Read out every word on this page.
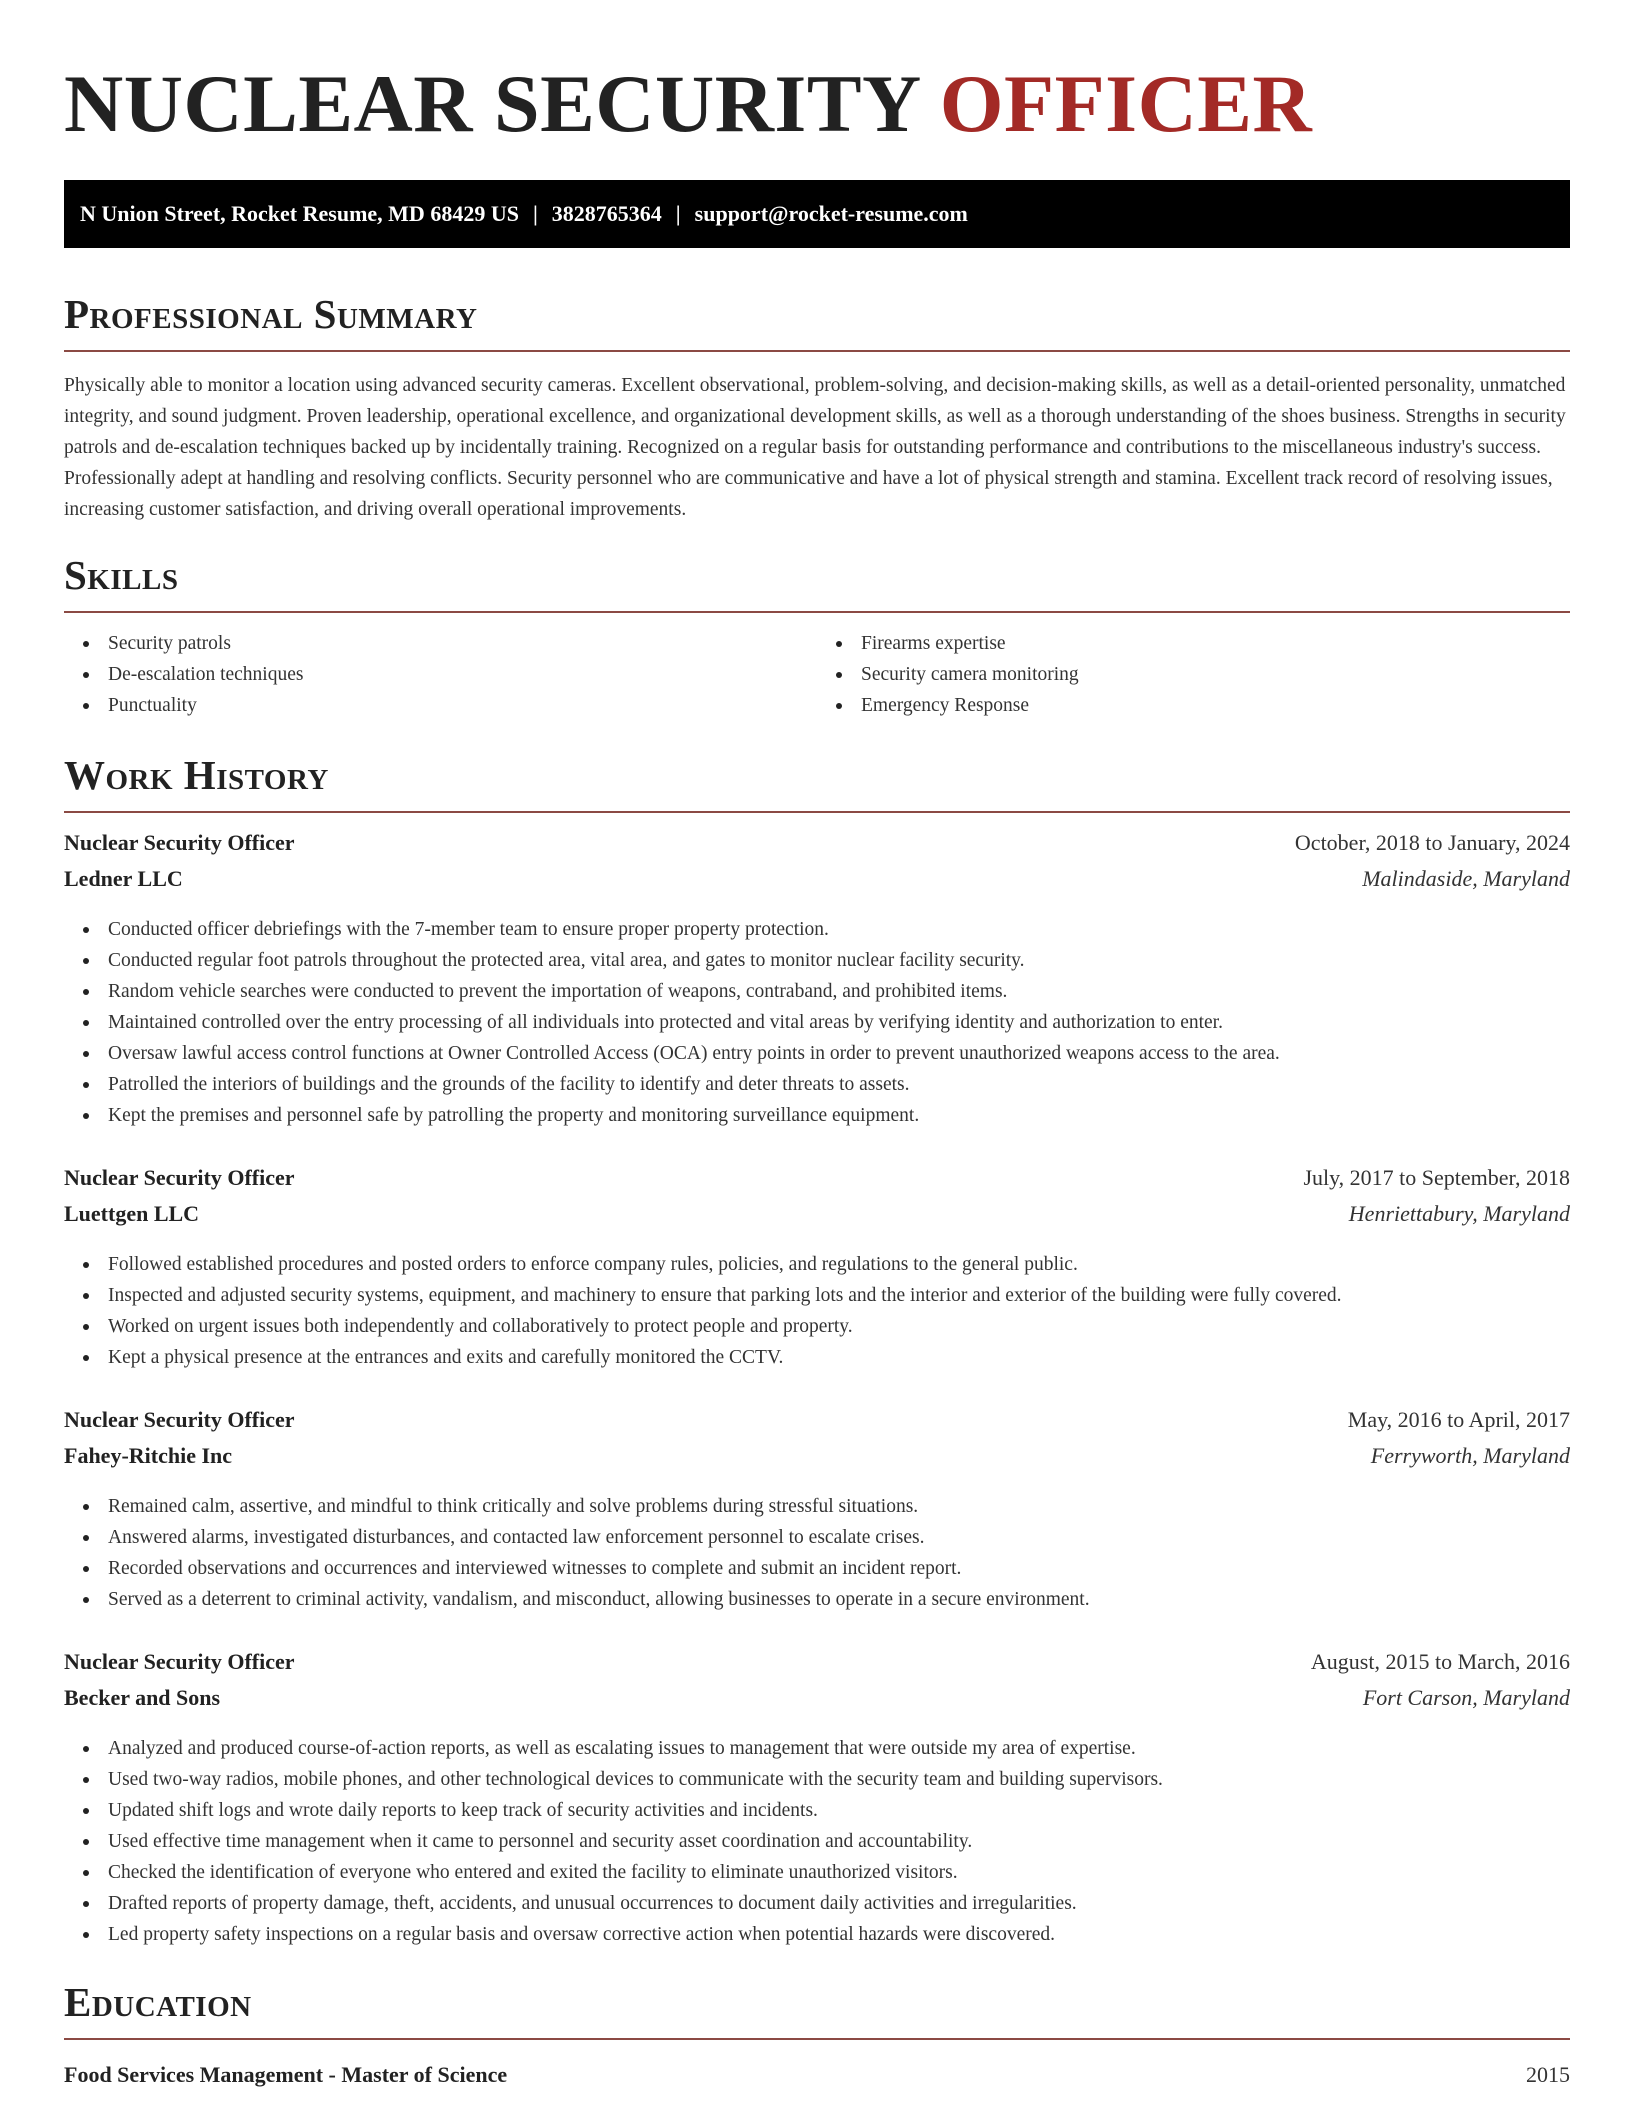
NUCLEAR SECURITY OFFICER
N Union Street, Rocket Resume, MD 68429 US | 3828765364 | support@rocket-resume.com
Professional Summary

Physically able to monitor a location using advanced security cameras. Excellent observational, problem-solving, and decision-making skills, as well as a detail-oriented personality, unmatched integrity, and sound judgment. Proven leadership, operational excellence, and organizational development skills, as well as a thorough understanding of the shoes business. Strengths in security patrols and de-escalation techniques backed up by incidentally training. Recognized on a regular basis for outstanding performance and contributions to the miscellaneous industry's success. Professionally adept at handling and resolving conflicts. Security personnel who are communicative and have a lot of physical strength and stamina. Excellent track record of resolving issues, increasing customer satisfaction, and driving overall operational improvements.

Skills
Security patrols
De-escalation techniques
Punctuality
Firearms expertise
Security camera monitoring
Emergency Response
Work History
Nuclear Security Officer	October, 2018 to January, 2024
Ledner LLC	Malindaside, Maryland
Conducted officer debriefings with the 7-member team to ensure proper property protection.
Conducted regular foot patrols throughout the protected area, vital area, and gates to monitor nuclear facility security.
Random vehicle searches were conducted to prevent the importation of weapons, contraband, and prohibited items.
Maintained controlled over the entry processing of all individuals into protected and vital areas by verifying identity and authorization to enter.
Oversaw lawful access control functions at Owner Controlled Access (OCA) entry points in order to prevent unauthorized weapons access to the area.
Patrolled the interiors of buildings and the grounds of the facility to identify and deter threats to assets.
Kept the premises and personnel safe by patrolling the property and monitoring surveillance equipment.
Nuclear Security Officer	July, 2017 to September, 2018
Luettgen LLC	Henriettabury, Maryland
Followed established procedures and posted orders to enforce company rules, policies, and regulations to the general public.
Inspected and adjusted security systems, equipment, and machinery to ensure that parking lots and the interior and exterior of the building were fully covered.
Worked on urgent issues both independently and collaboratively to protect people and property.
Kept a physical presence at the entrances and exits and carefully monitored the CCTV.
Nuclear Security Officer	May, 2016 to April, 2017
Fahey-Ritchie Inc	Ferryworth, Maryland
Remained calm, assertive, and mindful to think critically and solve problems during stressful situations.
Answered alarms, investigated disturbances, and contacted law enforcement personnel to escalate crises.
Recorded observations and occurrences and interviewed witnesses to complete and submit an incident report.
Served as a deterrent to criminal activity, vandalism, and misconduct, allowing businesses to operate in a secure environment.
Nuclear Security Officer	August, 2015 to March, 2016
Becker and Sons	Fort Carson, Maryland
Analyzed and produced course-of-action reports, as well as escalating issues to management that were outside my area of expertise.
Used two-way radios, mobile phones, and other technological devices to communicate with the security team and building supervisors.
Updated shift logs and wrote daily reports to keep track of security activities and incidents.
Used effective time management when it came to personnel and security asset coordination and accountability.
Checked the identification of everyone who entered and exited the facility to eliminate unauthorized visitors.
Drafted reports of property damage, theft, accidents, and unusual occurrences to document daily activities and irregularities.
Led property safety inspections on a regular basis and oversaw corrective action when potential hazards were discovered.
Education
Food Services Management - Master of Science	2015
